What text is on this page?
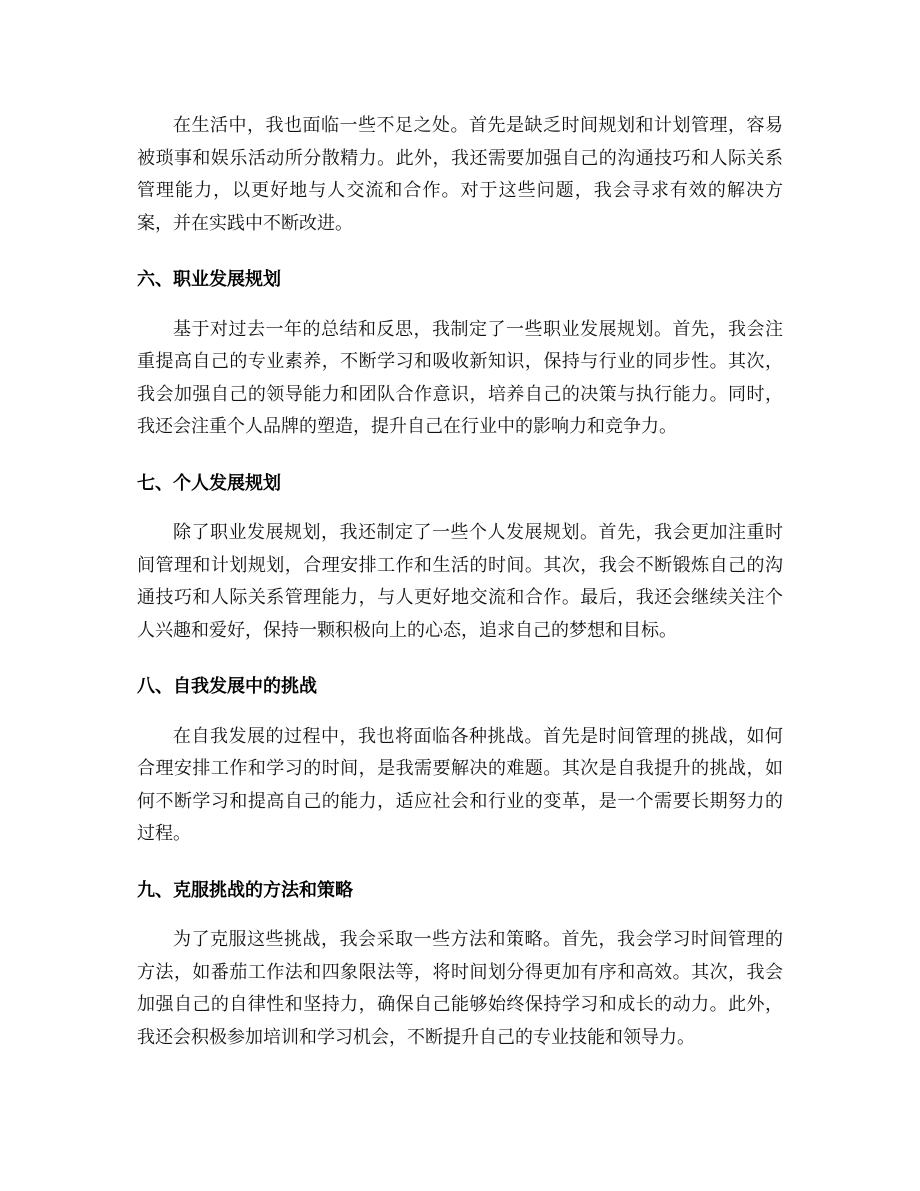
在生活中，我也面临一些不足之处。首先是缺乏时间规划和计划管理，容易被琐事和娱乐活动所分散精力。此外，我还需要加强自己的沟通技巧和人际关系管理能力，以更好地与人交流和合作。对于这些问题，我会寻求有效的解决方案，并在实践中不断改进。

六、职业发展规划

基于对过去一年的总结和反思，我制定了一些职业发展规划。首先，我会注重提高自己的专业素养，不断学习和吸收新知识，保持与行业的同步性。其次，我会加强自己的领导能力和团队合作意识，培养自己的决策与执行能力。同时，我还会注重个人品牌的塑造，提升自己在行业中的影响力和竞争力。

七、个人发展规划

除了职业发展规划，我还制定了一些个人发展规划。首先，我会更加注重时间管理和计划规划，合理安排工作和生活的时间。其次，我会不断锻炼自己的沟通技巧和人际关系管理能力，与人更好地交流和合作。最后，我还会继续关注个人兴趣和爱好，保持一颗积极向上的心态，追求自己的梦想和目标。

八、自我发展中的挑战

在自我发展的过程中，我也将面临各种挑战。首先是时间管理的挑战，如何合理安排工作和学习的时间，是我需要解决的难题。其次是自我提升的挑战，如何不断学习和提高自己的能力，适应社会和行业的变革，是一个需要长期努力的过程。

九、克服挑战的方法和策略

为了克服这些挑战，我会采取一些方法和策略。首先，我会学习时间管理的方法，如番茄工作法和四象限法等，将时间划分得更加有序和高效。其次，我会加强自己的自律性和坚持力，确保自己能够始终保持学习和成长的动力。此外，我还会积极参加培训和学习机会，不断提升自己的专业技能和领导力。
